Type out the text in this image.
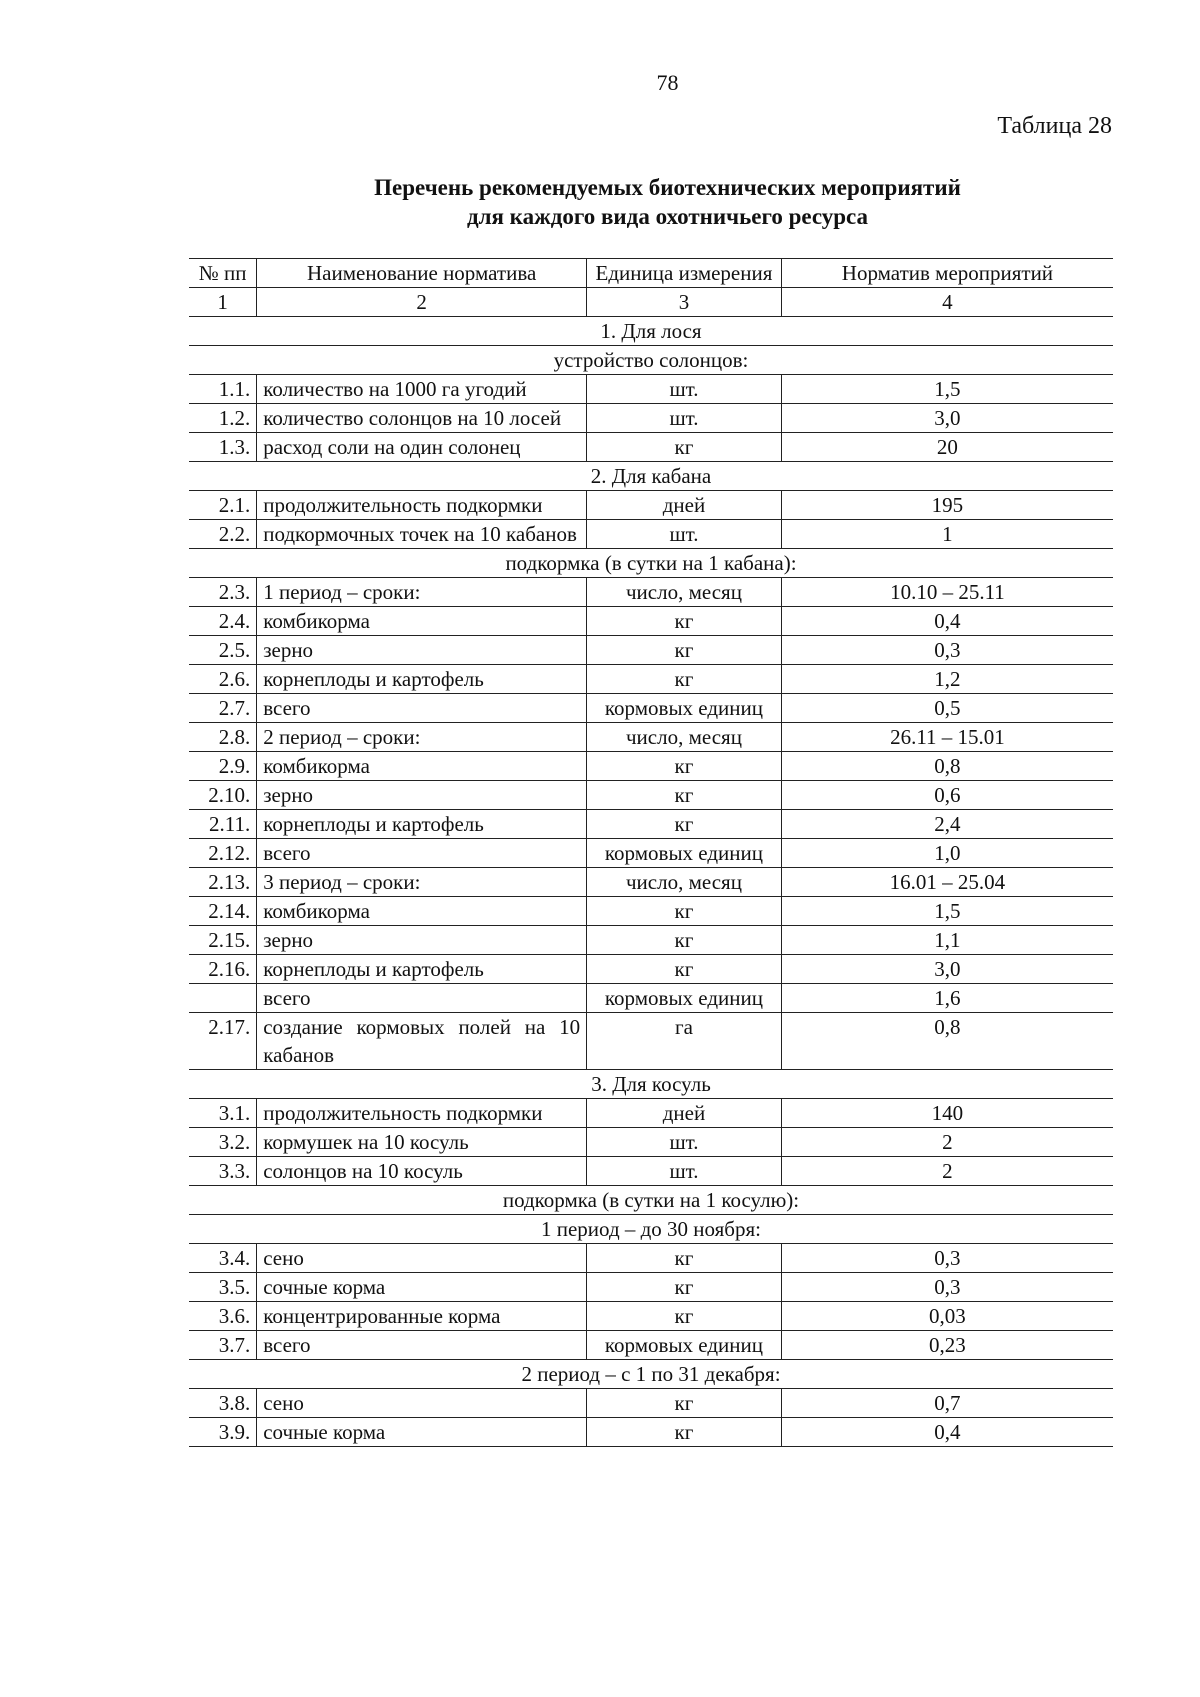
78
Таблица 28
Перечень рекомендуемых биотехнических мероприятий
для каждого вида охотничьего ресурса
№ пп	Наименование норматива	Единица измерения	Норматив мероприятий
1	2	3	4
1. Для лося			
устройство солонцов:			
1.1.	количество на 1000 га угодий	шт.	1,5
1.2.	количество солонцов на 10 лосей	шт.	3,0
1.3.	расход соли на один солонец	кг	20
2. Для кабана			
2.1.	продолжительность подкормки	дней	195
2.2.	подкормочных точек на 10 кабанов	шт.	1
подкормка (в сутки на 1 кабана):			
2.3.	1 период – сроки:	число, месяц	10.10 – 25.11
2.4.	комбикорма	кг	0,4
2.5.	зерно	кг	0,3
2.6.	корнеплоды и картофель	кг	1,2
2.7.	всего	кормовых единиц	0,5
2.8.	2 период – сроки:	число, месяц	26.11 – 15.01
2.9.	комбикорма	кг	0,8
2.10.	зерно	кг	0,6
2.11.	корнеплоды и картофель	кг	2,4
2.12.	всего	кормовых единиц	1,0
2.13.	3 период – сроки:	число, месяц	16.01 – 25.04
2.14.	комбикорма	кг	1,5
2.15.	зерно	кг	1,1
2.16.	корнеплоды и картофель	кг	3,0
	всего	кормовых единиц	1,6
2.17.	создание кормовых полей на 10 кабанов	га	0,8
3. Для косуль			
3.1.	продолжительность подкормки	дней	140
3.2.	кормушек на 10 косуль	шт.	2
3.3.	солонцов на 10 косуль	шт.	2
подкормка (в сутки на 1 косулю):			
1 период – до 30 ноября:			
3.4.	сено	кг	0,3
3.5.	сочные корма	кг	0,3
3.6.	концентрированные корма	кг	0,03
3.7.	всего	кормовых единиц	0,23
2 период – с 1 по 31 декабря:			
3.8.	сено	кг	0,7
3.9.	сочные корма	кг	0,4
